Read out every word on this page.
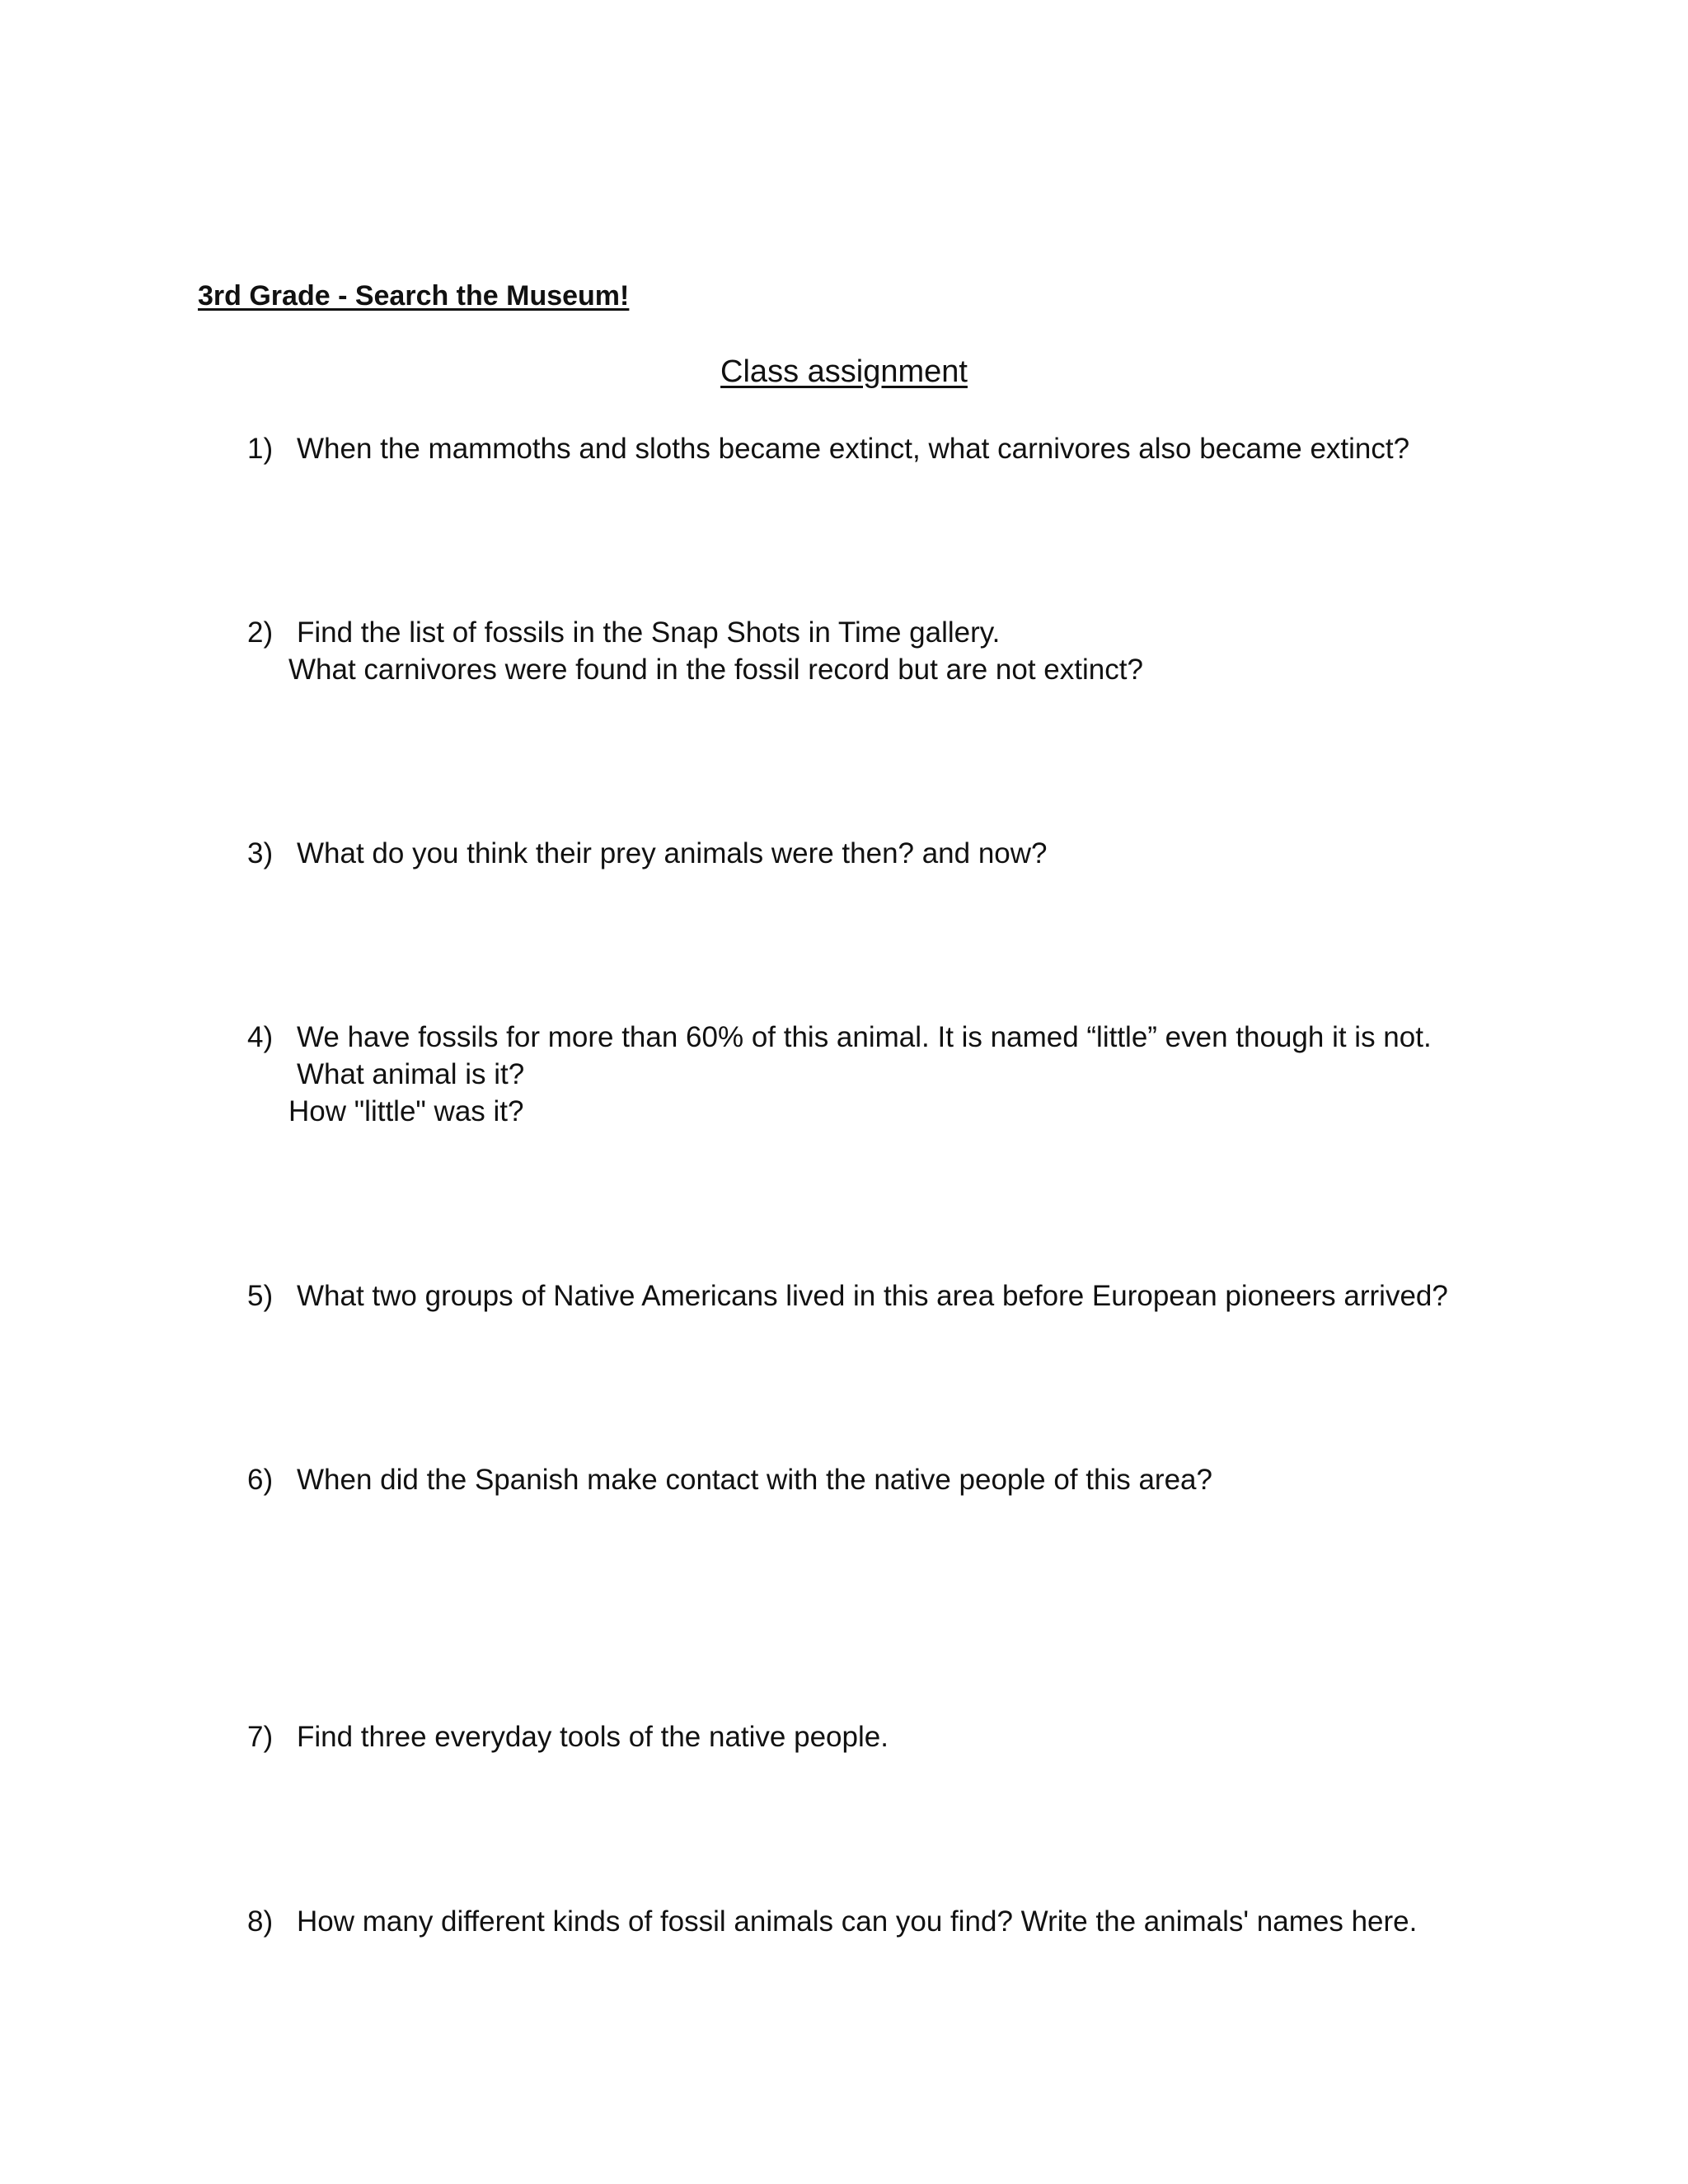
3rd Grade - Search the Museum!
Class assignment
1) When the mammoths and sloths became extinct, what carnivores also became extinct?
2) Find the list of fossils in the Snap Shots in Time gallery.
What carnivores were found in the fossil record but are not extinct?
3) What do you think their prey animals were then? and now?
4) We have fossils for more than 60% of this animal. It is named “little” even though it is not.
What animal is it?
How "little" was it?
5) What two groups of Native Americans lived in this area before European pioneers arrived?
6) When did the Spanish make contact with the native people of this area?
7) Find three everyday tools of the native people.
8) How many different kinds of fossil animals can you find? Write the animals' names here.
